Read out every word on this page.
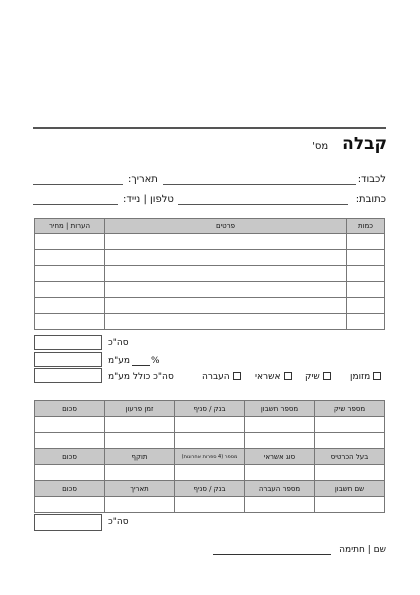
קבלה מס'
לכבוד:
תאריך:
כתובת:
טלפון | נייד:
הערות | מחיר	פרטים	כמות

סה"כ
מע"מ %
סה"כ כולל מע"מ	מזומן
שיק
אשראי
העברה
סכום	זמן פרעון	בנק / סניף	מספר חשבון	מספר שיק

סכום	תוקף	מספר (4 ספרות אחרונות)	סוג אשראי	בעל הכרטיס

סכום	תאריך	בנק / סניף	מספר העברה	שם חשבון

סה"כ
שם | חתימה
